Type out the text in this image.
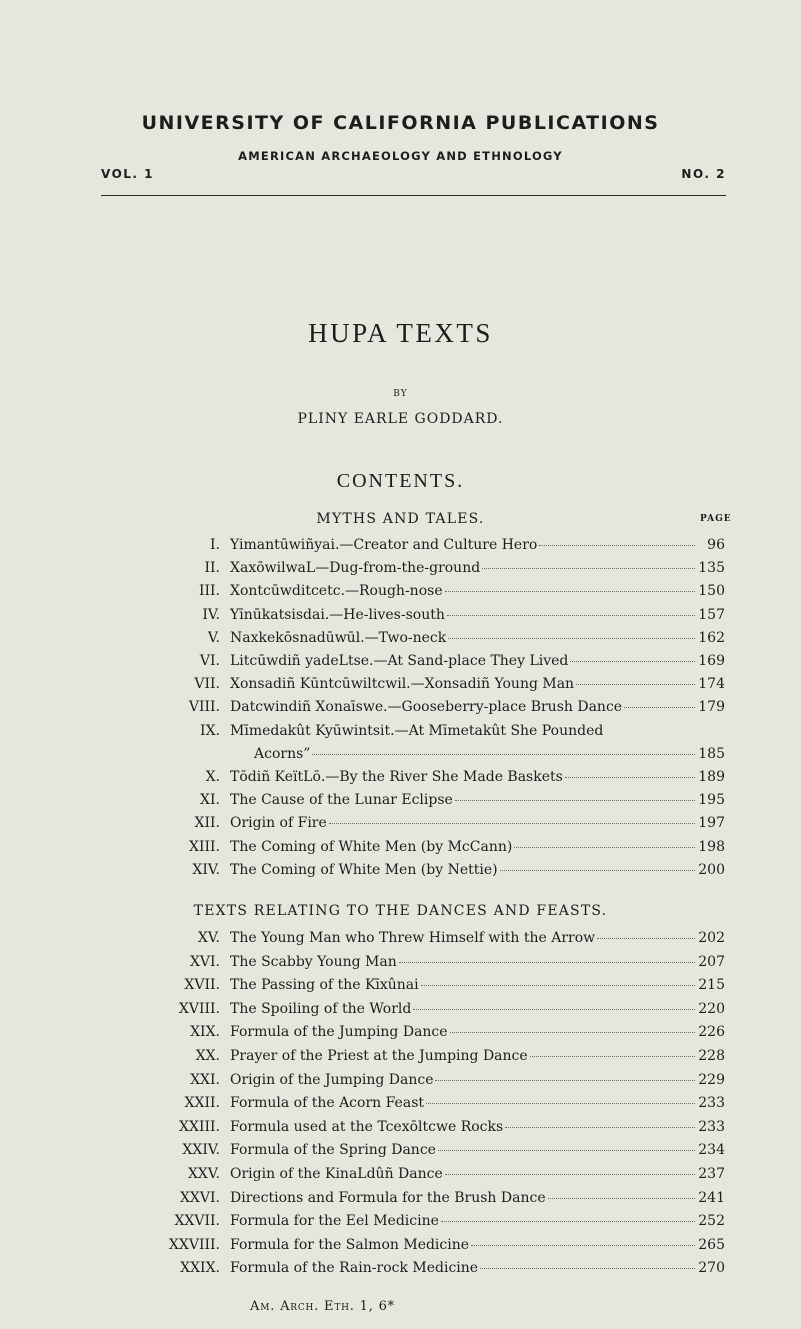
UNIVERSITY OF CALIFORNIA PUBLICATIONS
AMERICAN ARCHAEOLOGY AND ETHNOLOGY
VOL. 1	NO. 2
HUPA TEXTS
BY
PLINY EARLE GODDARD.
CONTENTS.
MYTHS AND TALES.	PAGE
I. Yimantūwiñyai.—Creator and Culture Hero	96
II. XaxōwilwaL—Dug-from-the-ground	135
III. Xontcūwditcetc.—Rough-nose	150
IV. Yīnūkatsisdai.—He-lives-south	157
V. Naxkekōsnadūwūl.—Two-neck	162
VI. Litcūwdiñ yadeLtse.—At Sand-place They Lived	169
VII. Xonsadiñ Kūntcūwiltcwil.—Xonsadiñ Young Man	174
VIII. Datcwindiñ Xonaīswe.—Gooseberry-place Brush Dance	179
IX. Mīmedakût Kyūwintsit.—At Mīmetakût She Pounded
Acorns”	185
X. Tōdiñ KeïtLō.—By the River She Made Baskets	189
XI. The Cause of the Lunar Eclipse	195
XII. Origin of Fire	197
XIII. The Coming of White Men (by McCann)	198
XIV. The Coming of White Men (by Nettie)	200
TEXTS RELATING TO THE DANCES AND FEASTS.
XV. The Young Man who Threw Himself with the Arrow	202
XVI. The Scabby Young Man	207
XVII. The Passing of the Kīxûnai	215
XVIII. The Spoiling of the World	220
XIX. Formula of the Jumping Dance	226
XX. Prayer of the Priest at the Jumping Dance	228
XXI. Origin of the Jumping Dance	229
XXII. Formula of the Acorn Feast	233
XXIII. Formula used at the Tcexōltcwe Rocks	233
XXIV. Formula of the Spring Dance	234
XXV. Origin of the KinaLdûñ Dance	237
XXVI. Directions and Formula for the Brush Dance	241
XXVII. Formula for the Eel Medicine	252
XXVIII. Formula for the Salmon Medicine	265
XXIX. Formula of the Rain-rock Medicine	270
Am. Arch. Eth. 1, 6*
